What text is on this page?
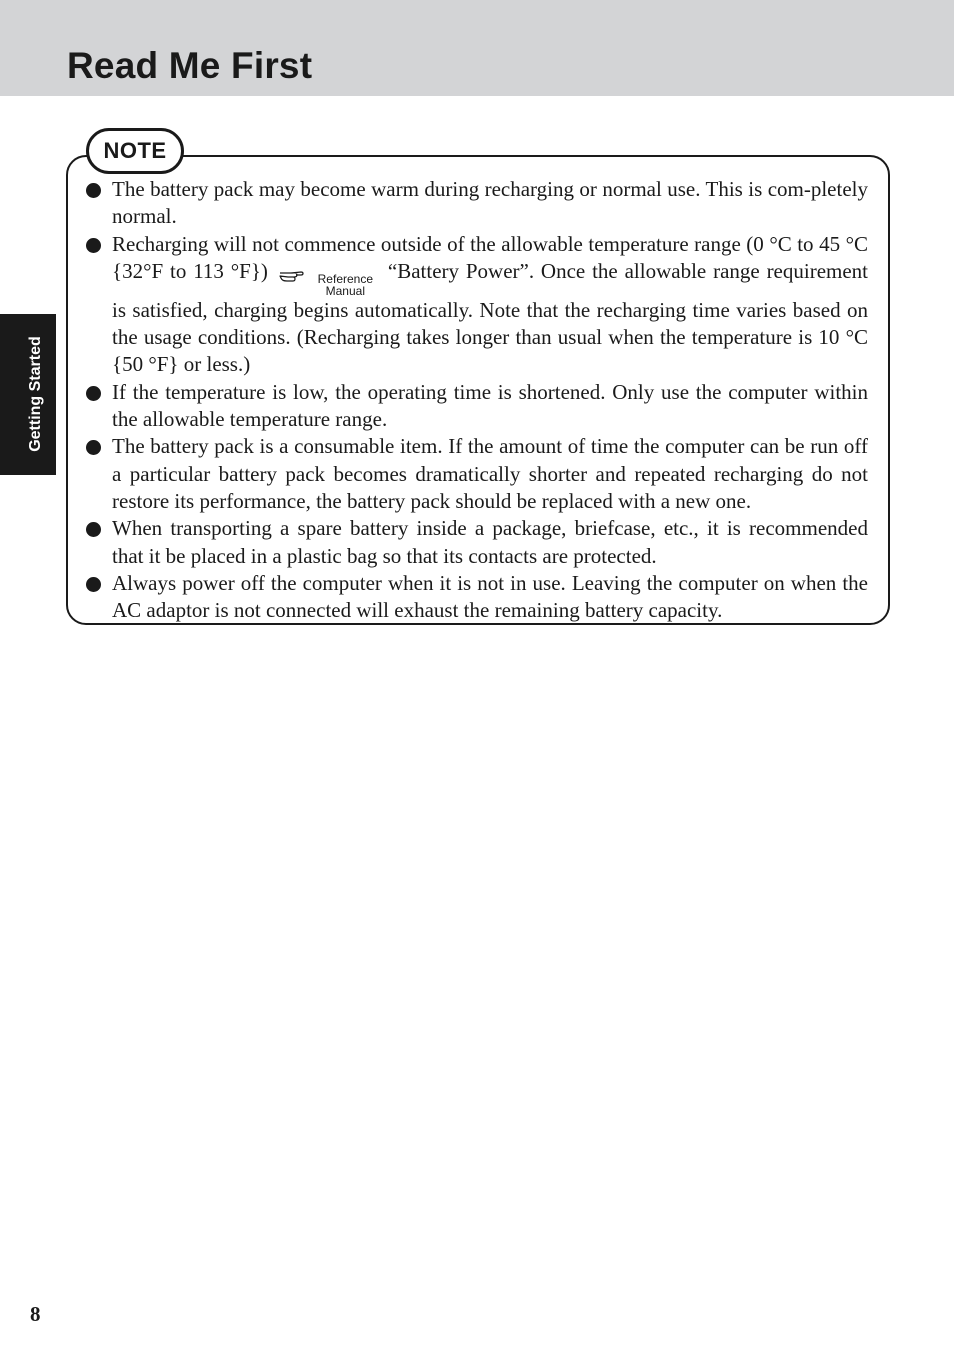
Read Me First
Getting Started
NOTE
The battery pack may become warm during recharging or normal use. This is com-pletely normal.
Recharging will not commence outside of the allowable temperature range (0 °C to 45 °C {32°F to 113 °F})	Reference
Manual
“Battery Power”. Once the allowable range requirement is satisfied, charging begins automatically. Note that the recharging time varies based on the usage conditions. (Recharging takes longer than usual when the temperature is 10 °C {50 °F} or less.)
If the temperature is low, the operating time is shortened. Only use the computer within the allowable temperature range.
The battery pack is a consumable item. If the amount of time the computer can be run off a particular battery pack becomes dramatically shorter and repeated recharging do not restore its performance, the battery pack should be replaced with a new one.
When transporting a spare battery inside a package, briefcase, etc., it is recommended that it be placed in a plastic bag so that its contacts are protected.
Always power off the computer when it is not in use. Leaving the computer on when the AC adaptor is not connected will exhaust the remaining battery capacity.
8
